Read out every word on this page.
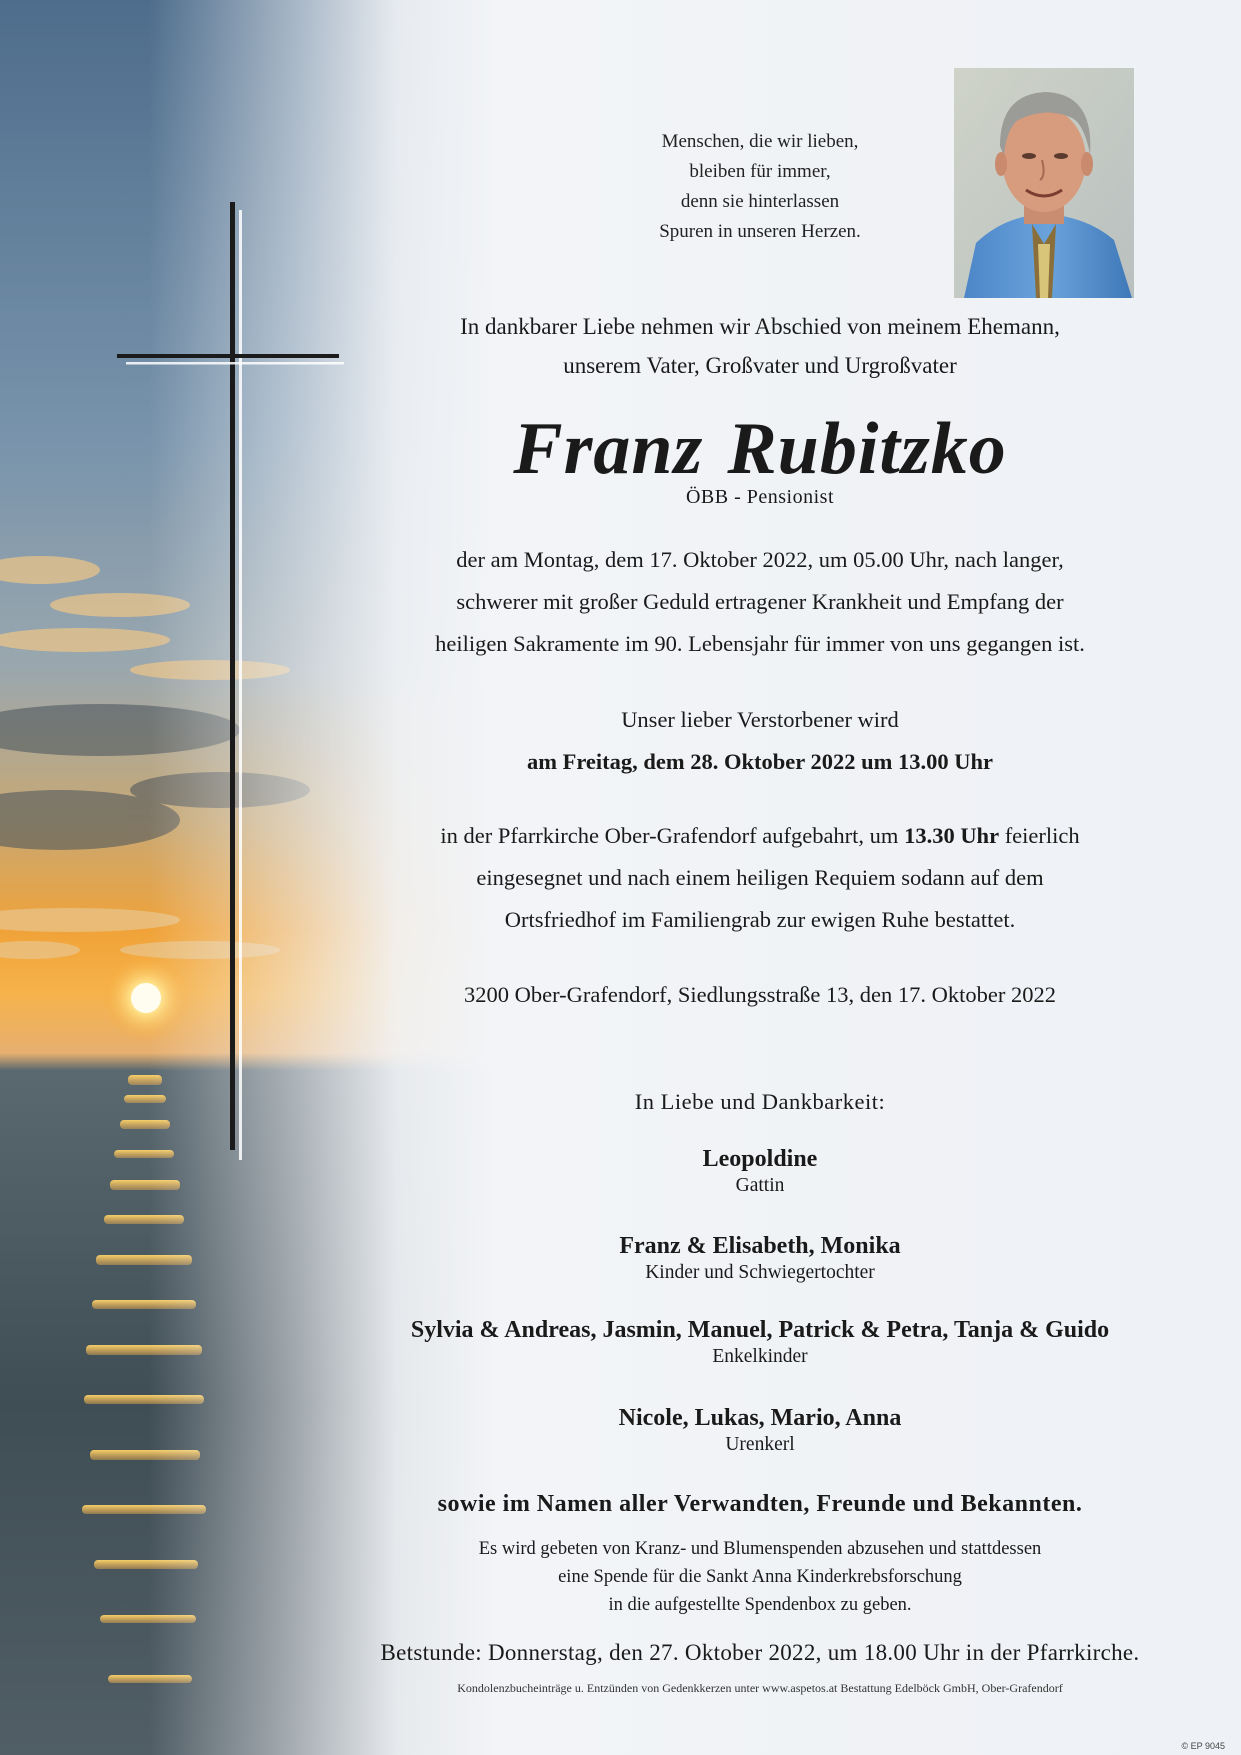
Menschen, die wir lieben,
bleiben für immer,
denn sie hinterlassen
Spuren in unseren Herzen.
In dankbarer Liebe nehmen wir Abschied von meinem Ehemann,
unserem Vater, Großvater und Urgroßvater
Franz Rubitzko
ÖBB - Pensionist
der am Montag, dem 17. Oktober 2022, um 05.00 Uhr, nach langer,
schwerer mit großer Geduld ertragener Krankheit und Empfang der
heiligen Sakramente im 90. Lebensjahr für immer von uns gegangen ist.
Unser lieber Verstorbener wird
am Freitag, dem 28. Oktober 2022 um 13.00 Uhr
in der Pfarrkirche Ober-Grafendorf aufgebahrt, um 13.30 Uhr feierlich
eingesegnet und nach einem heiligen Requiem sodann auf dem
Ortsfriedhof im Familiengrab zur ewigen Ruhe bestattet.
3200 Ober-Grafendorf, Siedlungsstraße 13, den 17. Oktober 2022
In Liebe und Dankbarkeit:
Leopoldine
Gattin
Franz & Elisabeth, Monika
Kinder und Schwiegertochter
Sylvia & Andreas, Jasmin, Manuel, Patrick & Petra, Tanja & Guido
Enkelkinder
Nicole, Lukas, Mario, Anna
Urenkerl
sowie im Namen aller Verwandten, Freunde und Bekannten.
Es wird gebeten von Kranz- und Blumenspenden abzusehen und stattdessen
eine Spende für die Sankt Anna Kinderkrebsforschung
in die aufgestellte Spendenbox zu geben.
Betstunde: Donnerstag, den 27. Oktober 2022, um 18.00 Uhr in der Pfarrkirche.
Kondolenzbucheinträge u. Entzünden von Gedenkkerzen unter www.aspetos.at Bestattung Edelböck GmbH, Ober-Grafendorf
© EP 9045
